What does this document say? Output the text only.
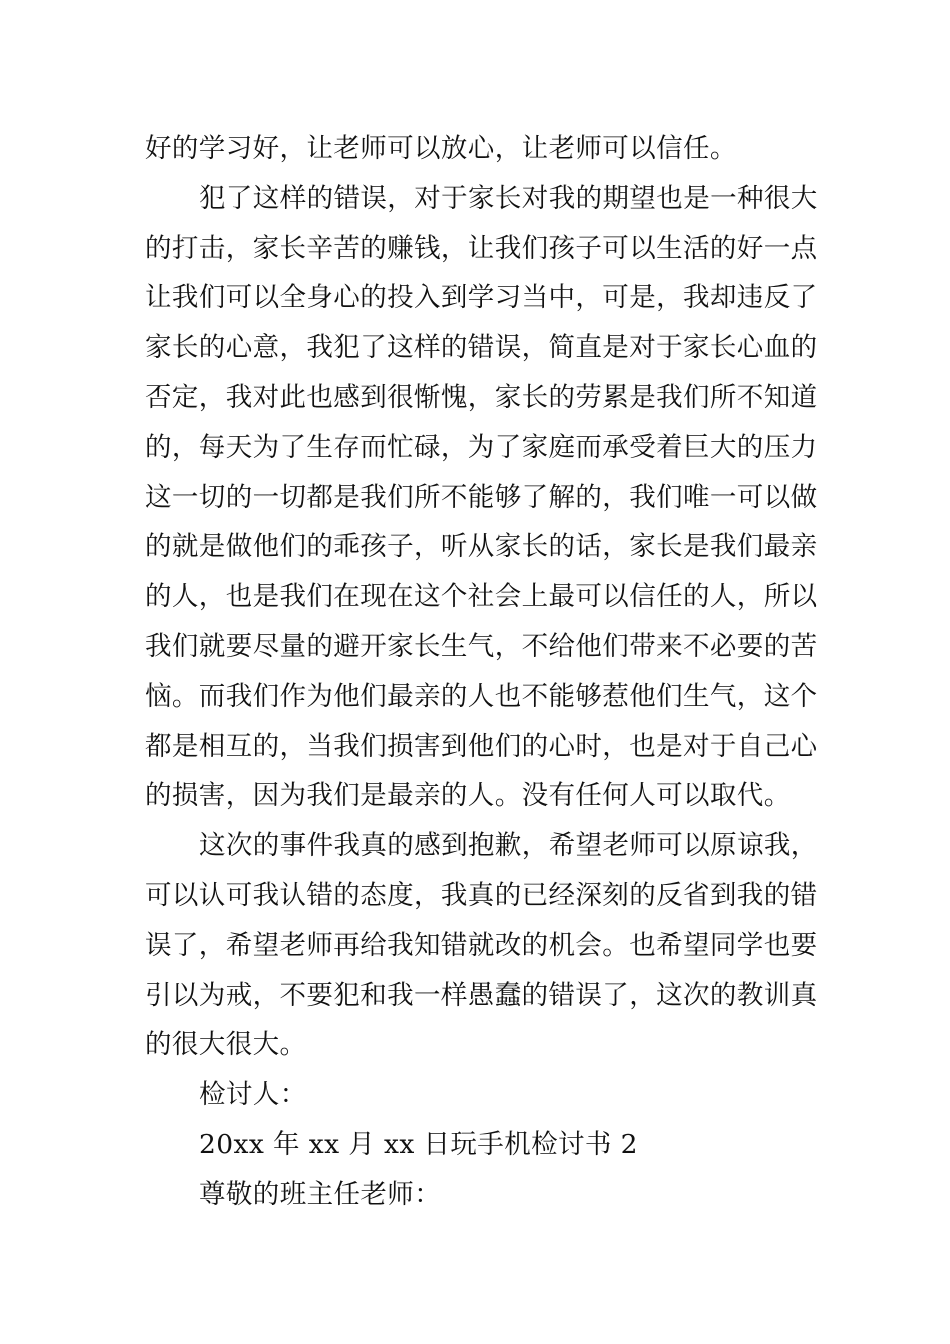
好的学习好，让老师可以放心，让老师可以信任。
犯了这样的错误，对于家长对我的期望也是一种很大
的打击，家长辛苦的赚钱，让我们孩子可以生活的好一点
让我们可以全身心的投入到学习当中，可是，我却违反了
家长的心意，我犯了这样的错误，简直是对于家长心血的
否定，我对此也感到很惭愧，家长的劳累是我们所不知道
的，每天为了生存而忙碌，为了家庭而承受着巨大的压力
这一切的一切都是我们所不能够了解的，我们唯一可以做
的就是做他们的乖孩子，听从家长的话，家长是我们最亲
的人，也是我们在现在这个社会上最可以信任的人，所以
我们就要尽量的避开家长生气，不给他们带来不必要的苦
恼。而我们作为他们最亲的人也不能够惹他们生气，这个
都是相互的，当我们损害到他们的心时，也是对于自己心
的损害，因为我们是最亲的人。没有任何人可以取代。
这次的事件我真的感到抱歉，希望老师可以原谅我，
可以认可我认错的态度，我真的已经深刻的反省到我的错
误了，希望老师再给我知错就改的机会。也希望同学也要
引以为戒，不要犯和我一样愚蠢的错误了，这次的教训真
的很大很大。
检讨人：
20xx 年 xx 月 xx 日玩手机检讨书 2
尊敬的班主任老师：
